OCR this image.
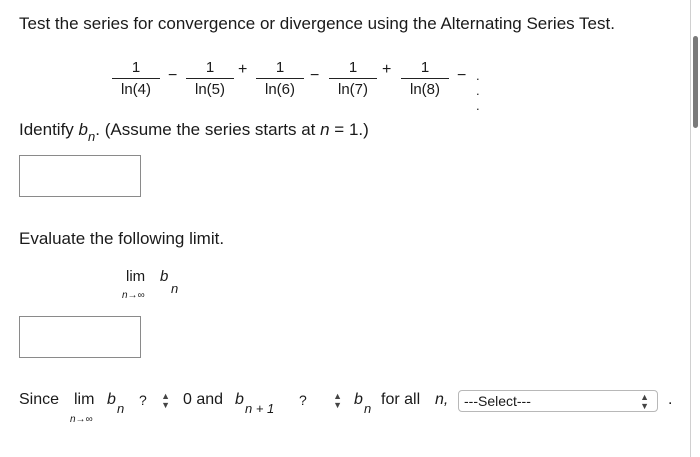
Test the series for convergence or divergence using the Alternating Series Test.
1
ln(4)
−	1
ln(5)
+	1
ln(6)
−	1
ln(7)
+	1
ln(8)
− . . .
Identify $b_n$. (Assume the series starts at n = 1.)
Evaluate the following limit.
lim
n→∞
b
n
Since lim
n→∞
b
n
? ▲
▼ 0 and b
n + 1
?	▲
▼ b
n
for all n,	---Select---	▲
▼ .
